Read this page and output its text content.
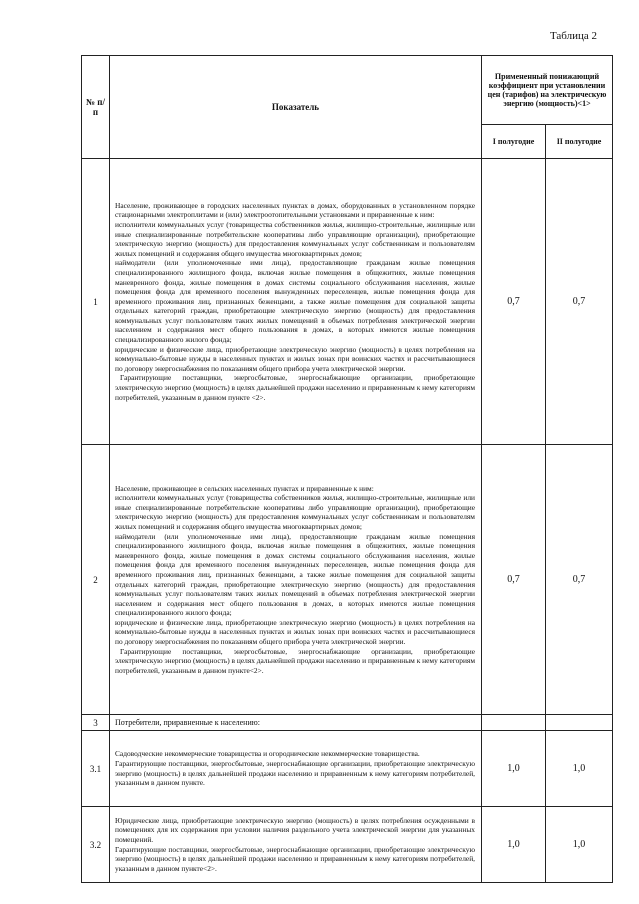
Таблица 2
№ п/п	Показатель	Примененный понижающий коэффициент при установлении цен (тарифов) на электрическую энергию (мощность)<1>	
		I полугодие	II полугодие
1	Население, проживающее в городских населенных пунктах в домах, оборудованных в установленном порядке стационарными электроплитами и (или) электроотопительными установками и приравненные к ним:

исполнители коммунальных услуг (товарищества собственников жилья, жилищно-строительные, жилищные или иные специализированные потребительские кооперативы либо управляющие организации), приобретающие электрическую энергию (мощность) для предоставления коммунальных услуг собственникам и пользователям жилых помещений и содержания общего имущества многоквартирных домов;

наймодатели (или уполномоченные ими лица), предоставляющие гражданам жилые помещения специализированного жилищного фонда, включая жилые помещения в общежитиях, жилые помещения маневренного фонда, жилые помещения в домах системы социального обслуживания населения, жилые помещения фонда для временного поселения вынужденных переселенцев, жилые помещения фонда для временного проживания лиц, признанных беженцами, а также жилые помещения для социальной защиты отдельных категорий граждан, приобретающие электрическую энергию (мощность) для предоставления коммунальных услуг пользователям таких жилых помещений в объемах потребления электрической энергии населением и содержания мест общего пользования в домах, в которых имеются жилые помещения специализированного жилого фонда;

юридические и физические лица, приобретающие электрическую энергию (мощность) в целях потребления на коммунально-бытовые нужды в населенных пунктах и жилых зонах при воинских частях и рассчитывающиеся по договору энергоснабжения по показаниям общего прибора учета электрической энергии.

Гарантирующие поставщики, энергосбытовые, энергоснабжающие организации, приобретающие электрическую энергию (мощность) в целях дальнейшей продажи населению и приравненным к нему категориям потребителей, указанным в данном пункте <2>.	0,7	0,7
2	Население, проживающее в сельских населенных пунктах и приравненные к ним:

исполнители коммунальных услуг (товарищества собственников жилья, жилищно-строительные, жилищные или иные специализированные потребительские кооперативы либо управляющие организации), приобретающие электрическую энергию (мощность) для предоставления коммунальных услуг собственникам и пользователям жилых помещений и содержания общего имущества многоквартирных домов;

наймодатели (или уполномоченные ими лица), предоставляющие гражданам жилые помещения специализированного жилищного фонда, включая жилые помещения в общежитиях, жилые помещения маневренного фонда, жилые помещения в домах системы социального обслуживания населения, жилые помещения фонда для временного поселения вынужденных переселенцев, жилые помещения фонда для временного проживания лиц, признанных беженцами, а также жилые помещения для социальной защиты отдельных категорий граждан, приобретающие электрическую энергию (мощность) для предоставления коммунальных услуг пользователям таких жилых помещений в объемах потребления электрической энергии населением и содержания мест общего пользования в домах, в которых имеются жилые помещения специализированного жилого фонда;

юридические и физические лица, приобретающие электрическую энергию (мощность) в целях потребления на коммунально-бытовые нужды в населенных пунктах и жилых зонах при воинских частях и рассчитывающиеся по договору энергоснабжения по показаниям общего прибора учета электрической энергии.

Гарантирующие поставщики, энергосбытовые, энергоснабжающие организации, приобретающие электрическую энергию (мощность) в целях дальнейшей продажи населению и приравненным к нему категориям потребителей, указанным в данном пункте<2>.	0,7	0,7
3	Потребители, приравненные к населению:		
3.1	Садоводческие некоммерческие товарищества и огороднические некоммерческие товарищества.

Гарантирующие поставщики, энергосбытовые, энергоснабжающие организации, приобретающие электрическую энергию (мощность) в целях дальнейшей продажи населению и приравненным к нему категориям потребителей, указанным в данном пункте.	1,0	1,0
3.2	Юридические лица, приобретающие электрическую энергию (мощность) в целях потребления осужденными в помещениях для их содержания при условии наличия раздельного учета электрической энергии для указанных помещений.

Гарантирующие поставщики, энергосбытовые, энергоснабжающие организации, приобретающие электрическую энергию (мощность) в целях дальнейшей продажи населению и приравненным к нему категориям потребителей, указанным в данном пункте<2>.	1,0	1,0
